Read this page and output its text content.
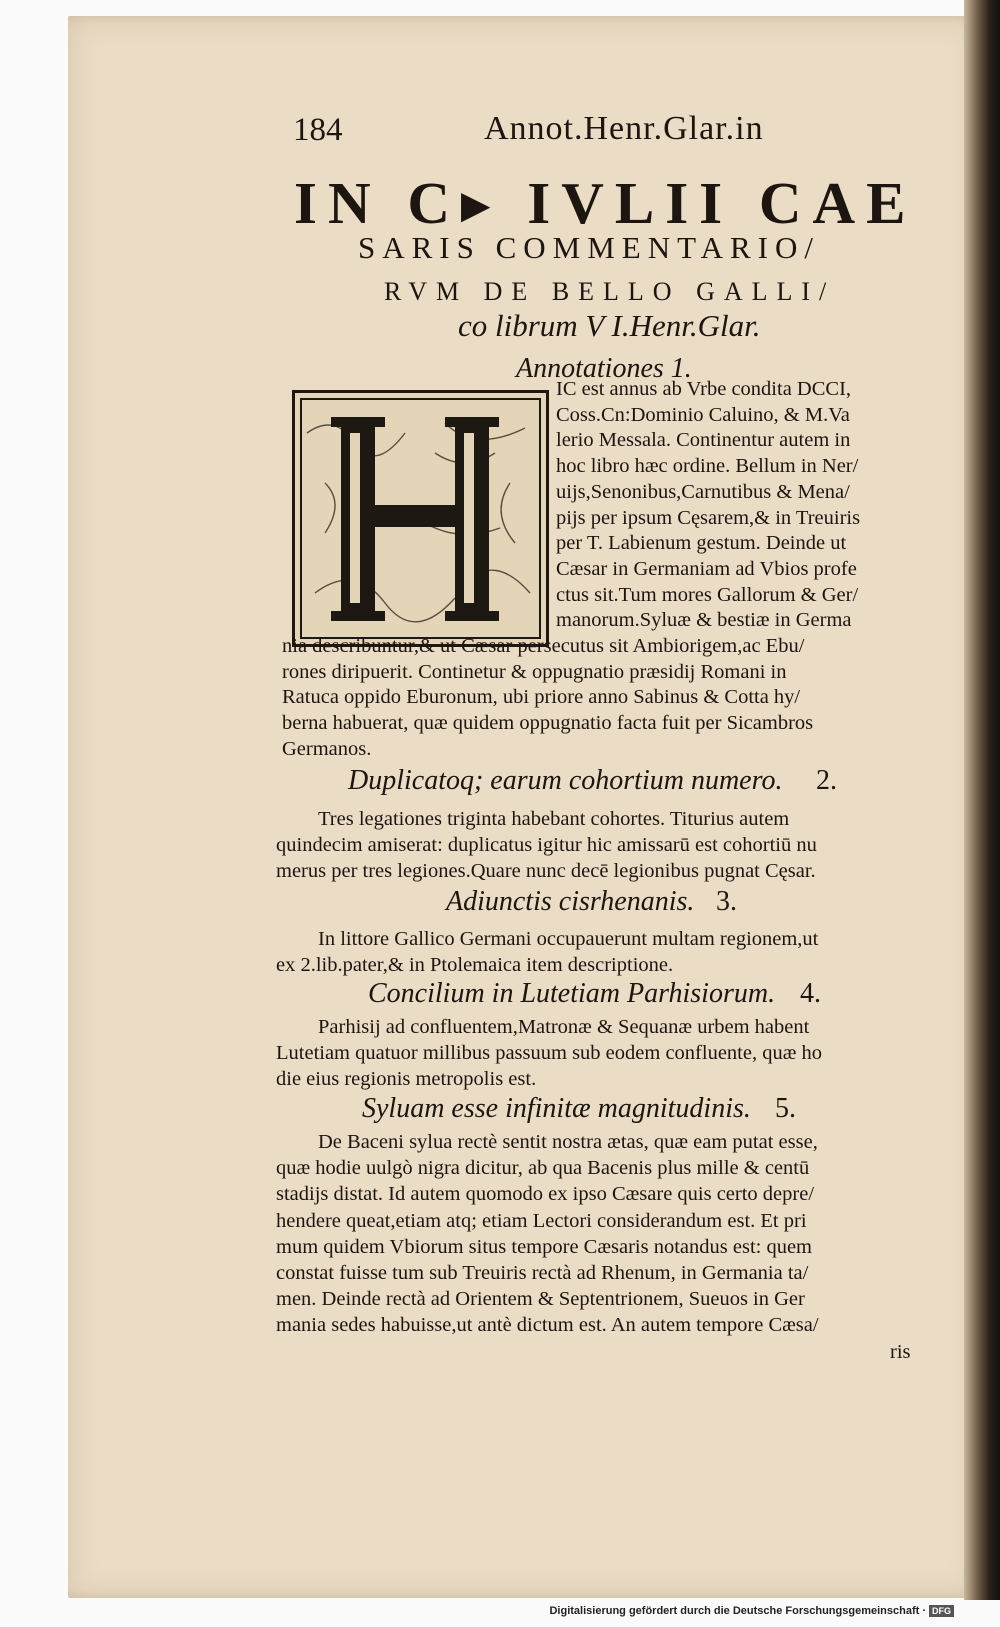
184	Annot.Henr.Glar.in
IN C▸ IVLII CAE
SARIS COMMENTARIO/
RVM DE BELLO GALLI/
co librum V I.Henr.Glar.
Annotationes 1.
IC est annus ab Vrbe condita DCCI,
Coss.Cn:Dominio Caluino, & M.Va
lerio Messala. Continentur autem in
hoc libro hæc ordine. Bellum in Ner/
uijs,Senonibus,Carnutibus & Mena/
pijs per ipsum Cęsarem,& in Treuiris
per T. Labienum gestum. Deinde ut
Cæsar in Germaniam ad Vbios profe
ctus sit.Tum mores Gallorum & Ger/
manorum.Syluæ & bestiæ in Germa
nia describuntur,& ut Cæsar persecutus sit Ambiorigem,ac Ebu/
rones diripuerit. Continetur & oppugnatio præsidij Romani in
Ratuca oppido Eburonum, ubi priore anno Sabinus & Cotta hy/
berna habuerat, quæ quidem oppugnatio facta fuit per Sicambros
Germanos.
Duplicatoq; earum cohortium numero. 2.
Tres legationes triginta habebant cohortes. Titurius autem
quindecim amiserat: duplicatus igitur hic amissarū est cohortiū nu
merus per tres legiones.Quare nunc decē legionibus pugnat Cęsar.
Adiunctis cisrhenanis. 3.
In littore Gallico Germani occupauerunt multam regionem,ut
ex 2.lib.pater,& in Ptolemaica item descriptione.
Concilium in Lutetiam Parhisiorum. 4.
Parhisij ad confluentem,Matronæ & Sequanæ urbem habent
Lutetiam quatuor millibus passuum sub eodem confluente, quæ ho
die eius regionis metropolis est.
Syluam esse infinitæ magnitudinis. 5.
De Baceni sylua rectè sentit nostra ætas, quæ eam putat esse,
quæ hodie uulgò nigra dicitur, ab qua Bacenis plus mille & centū
stadijs distat. Id autem quomodo ex ipso Cæsare quis certo depre/
hendere queat,etiam atq; etiam Lectori considerandum est. Et pri
mum quidem Vbiorum situs tempore Cæsaris notandus est: quem
constat fuisse tum sub Treuiris rectà ad Rhenum, in Germania ta/
men. Deinde rectà ad Orientem & Septentrionem, Sueuos in Ger
mania sedes habuisse,ut antè dictum est. An autem tempore Cæsa/
ris
Digitalisierung gefördert durch die Deutsche Forschungsgemeinschaft · DFG
